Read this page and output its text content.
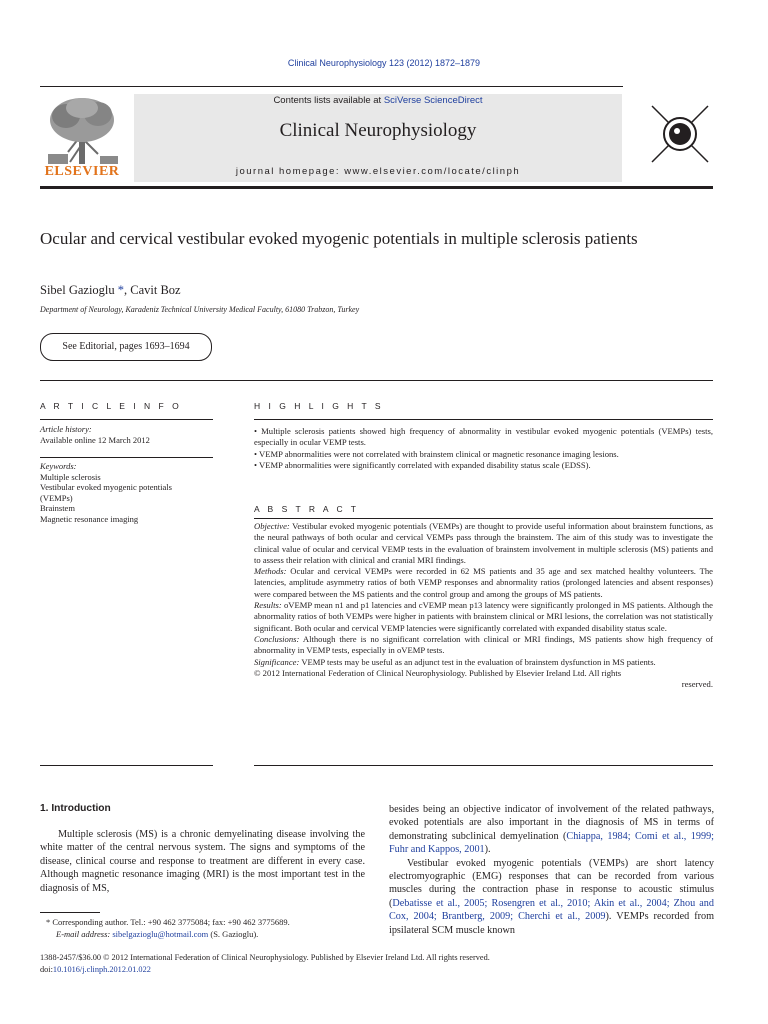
Clinical Neurophysiology 123 (2012) 1872–1879
ELSEVIER
Contents lists available at SciVerse ScienceDirect
Clinical Neurophysiology
journal homepage: www.elsevier.com/locate/clinph
Ocular and cervical vestibular evoked myogenic potentials in multiple sclerosis patients
Sibel Gazioglu *, Cavit Boz
Department of Neurology, Karadeniz Technical University Medical Faculty, 61080 Trabzon, Turkey
See Editorial, pages 1693–1694
A R T I C L E I N F O
Article history:
Available online 12 March 2012
Keywords:
Multiple sclerosis
Vestibular evoked myogenic potentials
(VEMPs)
Brainstem
Magnetic resonance imaging
H I G H L I G H T S

• Multiple sclerosis patients showed high frequency of abnormality in vestibular evoked myogenic potentials (VEMPs) tests, especially in ocular VEMP tests.

• VEMP abnormalities were not correlated with brainstem clinical or magnetic resonance imaging lesions.

• VEMP abnormalities were significantly correlated with expanded disability status scale (EDSS).

A B S T R A C T

Objective: Vestibular evoked myogenic potentials (VEMPs) are thought to provide useful information about brainstem functions, as the neural pathways of both ocular and cervical VEMPs pass through the brainstem. The aim of this study was to investigate the clinical value of ocular and cervical VEMP tests in the evaluation of brainstem involvement in multiple sclerosis (MS) patients and to assess their relation with clinical and cranial MRI findings.

Methods: Ocular and cervical VEMPs were recorded in 62 MS patients and 35 age and sex matched healthy volunteers. The latencies, amplitude asymmetry ratios of both VEMP responses and abnormality ratios (prolonged latencies and absent responses) were compared between the MS patients and the control group and among the groups of MS patients.

Results: oVEMP mean n1 and p1 latencies and cVEMP mean p13 latency were significantly prolonged in MS patients. Although the abnormality ratios of both VEMPs were higher in patients with brainstem clinical or MRI lesions, the correlation was not statistically significant. Both ocular and cervical VEMP latencies were significantly correlated with expanded disability status scale.

Conclusions: Although there is no significant correlation with clinical or MRI findings, MS patients show high frequency of abnormality in VEMP tests, especially in oVEMP tests.

Significance: VEMP tests may be useful as an adjunct test in the evaluation of brainstem dysfunction in MS patients.

© 2012 International Federation of Clinical Neurophysiology. Published by Elsevier Ireland Ltd. All rights

reserved.

1. Introduction

Multiple sclerosis (MS) is a chronic demyelinating disease involving the white matter of the central nervous system. The signs and symptoms of the disease, clinical course and response to treatment are different in every case. Although magnetic resonance imaging (MRI) is the most important test in the diagnosis of MS,

besides being an objective indicator of involvement of the related pathways, evoked potentials are also important in the diagnosis of MS in terms of demonstrating subclinical demyelination (Chiappa, 1984; Comi et al., 1999; Fuhr and Kappos, 2001).

Vestibular evoked myogenic potentials (VEMPs) are short latency electromyographic (EMG) responses that can be recorded from various muscles during the contraction phase in response to acoustic stimulus (Debatisse et al., 2005; Rosengren et al., 2010; Akin et al., 2004; Zhou and Cox, 2004; Brantberg, 2009; Cherchi et al., 2009). VEMPs recorded from ipsilateral SCM muscle known

* Corresponding author. Tel.: +90 462 3775084; fax: +90 462 3775689.
E-mail address: sibelgazioglu@hotmail.com (S. Gazioglu).
1388-2457/$36.00 © 2012 International Federation of Clinical Neurophysiology. Published by Elsevier Ireland Ltd. All rights reserved.
doi:10.1016/j.clinph.2012.01.022
